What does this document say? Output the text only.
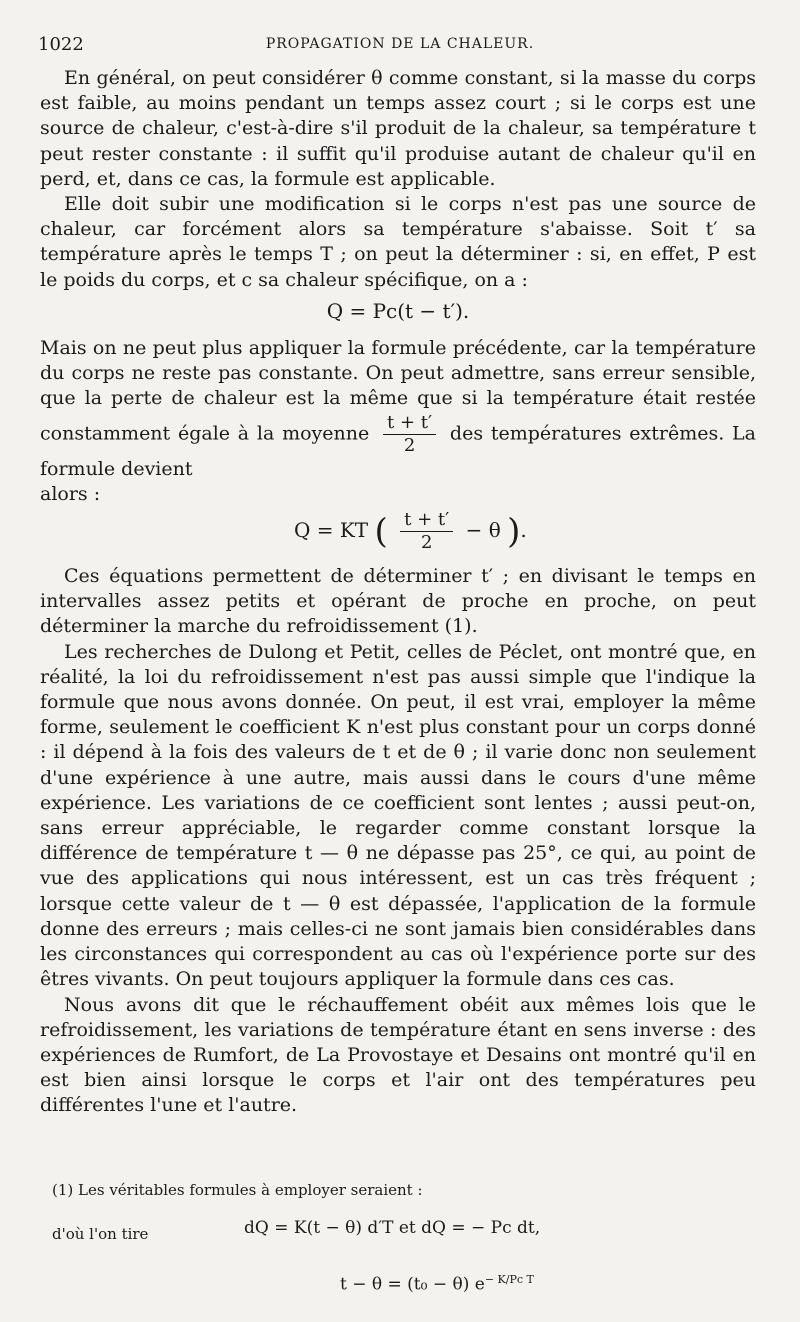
1022	PROPAGATION DE LA CHALEUR.

En général, on peut considérer θ comme constant, si la masse du corps est faible, au moins pendant un temps assez court ; si le corps est une source de chaleur, c'est-à-dire s'il produit de la chaleur, sa température t peut rester constante : il suffit qu'il produise autant de chaleur qu'il en perd, et, dans ce cas, la formule est applicable.

Elle doit subir une modification si le corps n'est pas une source de chaleur, car forcément alors sa température s'abaisse. Soit t′ sa température après le temps T ; on peut la déterminer : si, en effet, P est le poids du corps, et c sa chaleur spécifique, on a :

Q = Pc(t − t′).

Mais on ne peut plus appliquer la formule précédente, car la température du corps ne reste pas constante. On peut admettre, sans erreur sensible, que la perte de chaleur est la même que si la température était restée constamment égale à la moyenne $\frac{t + t'}{2}$ des températures extrêmes. La formule devient

alors :

Q = KT ( $\frac{t + t'}{2} - \theta$ ).

Ces équations permettent de déterminer t′ ; en divisant le temps en intervalles assez petits et opérant de proche en proche, on peut déterminer la marche du refroidissement (1).

Les recherches de Dulong et Petit, celles de Péclet, ont montré que, en réalité, la loi du refroidissement n'est pas aussi simple que l'indique la formule que nous avons donnée. On peut, il est vrai, employer la même forme, seulement le coefficient K n'est plus constant pour un corps donné : il dépend à la fois des valeurs de t et de θ ; il varie donc non seulement d'une expérience à une autre, mais aussi dans le cours d'une même expérience. Les variations de ce coefficient sont lentes ; aussi peut-on, sans erreur appréciable, le regarder comme constant lorsque la différence de température t — θ ne dépasse pas 25°, ce qui, au point de vue des applications qui nous intéressent, est un cas très fréquent ; lorsque cette valeur de t — θ est dépassée, l'application de la formule donne des erreurs ; mais celles-ci ne sont jamais bien considérables dans les circonstances qui correspondent au cas où l'expérience porte sur des êtres vivants. On peut toujours appliquer la formule dans ces cas.

Nous avons dit que le réchauffement obéit aux mêmes lois que le refroidissement, les variations de température étant en sens inverse : des expériences de Rumfort, de La Provostaye et Desains ont montré qu'il en est bien ainsi lorsque le corps et l'air ont des températures peu différentes l'une et l'autre.

(1) Les véritables formules à employer seraient :
d'où l'on tire	dQ = K(t − θ) d′T et dQ = − Pc dt,
t − θ = (t₀ − θ) $e^{- K/Pc T}$
